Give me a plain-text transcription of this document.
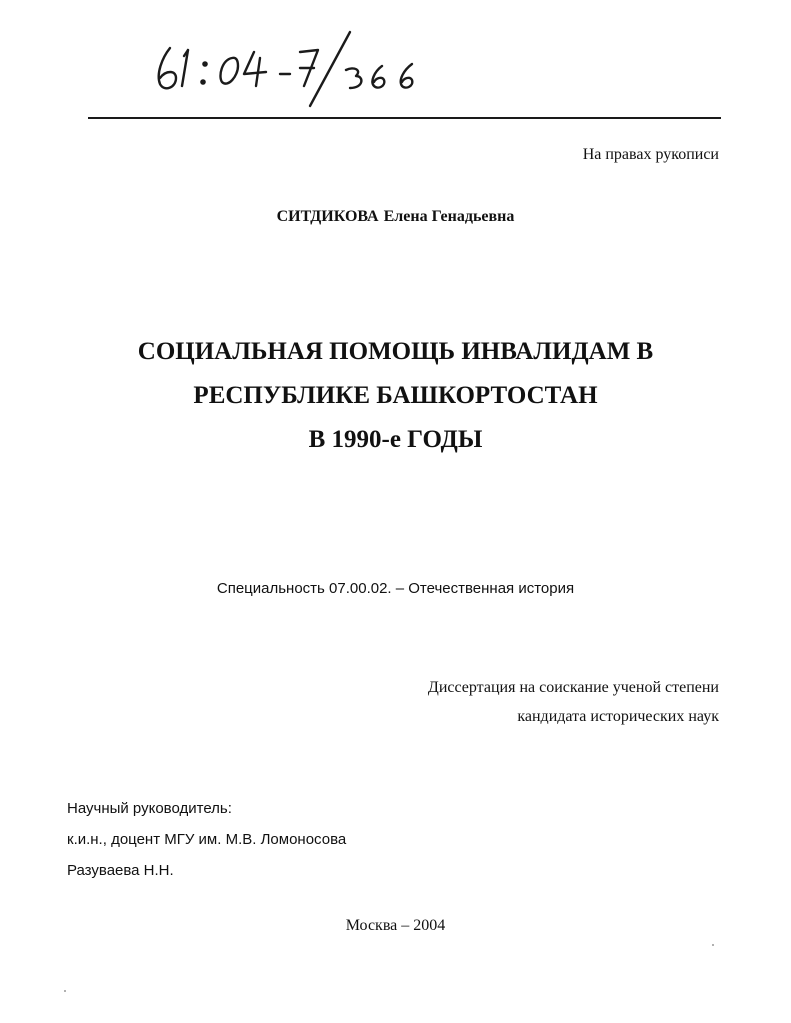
На правах рукописи
СИТДИКОВА Елена Генадьевна
СОЦИАЛЬНАЯ ПОМОЩЬ ИНВАЛИДАМ В
РЕСПУБЛИКЕ БАШКОРТОСТАН
В 1990-е ГОДЫ
Специальность 07.00.02. – Отечественная история
Диссертация на соискание ученой степени
кандидата исторических наук
Научный руководитель:
к.и.н., доцент МГУ им. М.В. Ломоносова
Разуваева Н.Н.
Москва – 2004
